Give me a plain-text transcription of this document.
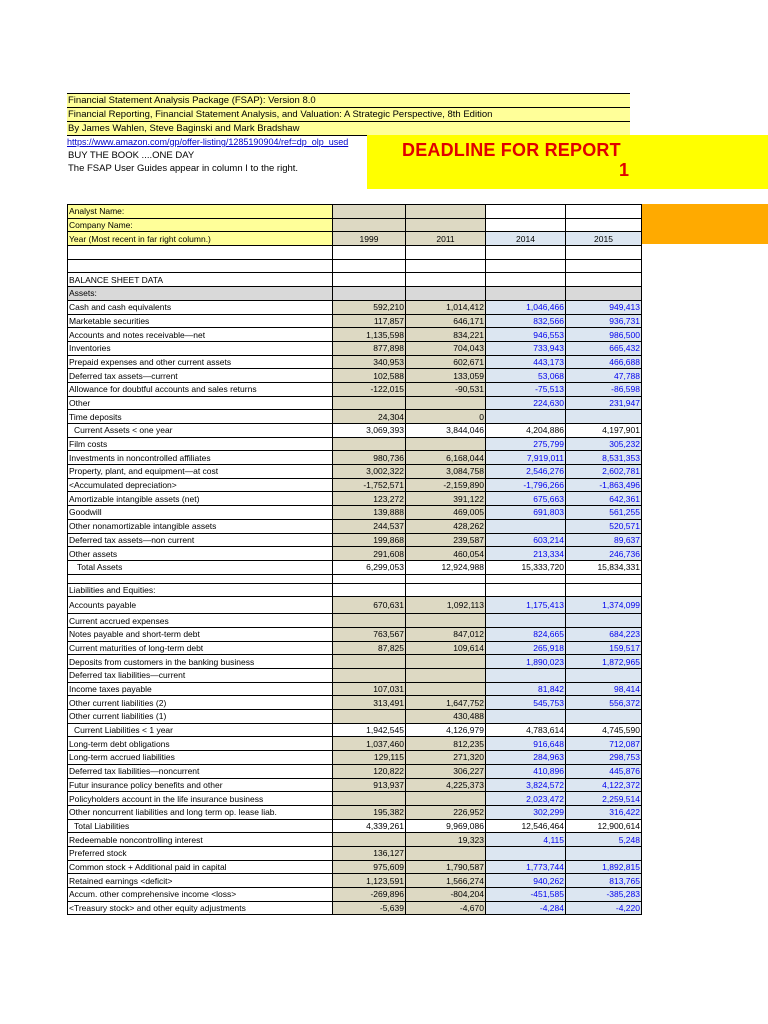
Financial Statement Analysis Package (FSAP): Version 8.0
Financial Reporting, Financial Statement Analysis, and Valuation: A Strategic Perspective, 8th Edition
By James Wahlen, Steve Baginski and Mark Bradshaw
DEADLINE FOR REPORT
1
https://www.amazon.com/gp/offer-listing/1285190904/ref=dp_olp_used
BUY THE BOOK ....ONE DAY
The FSAP User Guides appear in column I to the right.
Analyst Name:				
Company Name:				
Year (Most recent in far right column.)	1999	2011	2014	2015

BALANCE SHEET DATA				
Assets:				
Cash and cash equivalents	592,210	1,014,412	1,046,466	949,413
Marketable securities	117,857	646,171	832,566	936,731
Accounts and notes receivable—net	1,135,598	834,221	946,553	986,500
Inventories	877,898	704,043	733,943	665,432
Prepaid expenses and other current assets	340,953	602,671	443,173	466,688
Deferred tax assets—current	102,588	133,059	53,068	47,788
Allowance for doubtful accounts and sales returns	-122,015	-90,531	-75,513	-86,598
Other			224,630	231,947
Time deposits	24,304	0		
Current Assets < one year	3,069,393	3,844,046	4,204,886	4,197,901
Film costs			275,799	305,232
Investments in noncontrolled affiliates	980,736	6,168,044	7,919,011	8,531,353
Property, plant, and equipment—at cost	3,002,322	3,084,758	2,546,276	2,602,781
<Accumulated depreciation>	-1,752,571	-2,159,890	-1,796,266	-1,863,496
Amortizable intangible assets (net)	123,272	391,122	675,663	642,361
Goodwill	139,888	469,005	691,803	561,255
Other nonamortizable intangible assets	244,537	428,262		520,571
Deferred tax assets—non current	199,868	239,587	603,214	89,637
Other assets	291,608	460,054	213,334	246,736
Total Assets	6,299,053	12,924,988	15,333,720	15,834,331

Liabilities and Equities:				
Accounts payable	670,631	1,092,113	1,175,413	1,374,099
Current accrued expenses				
Notes payable and short-term debt	763,567	847,012	824,665	684,223
Current maturities of long-term debt	87,825	109,614	265,918	159,517
Deposits from customers in the banking business			1,890,023	1,872,965
Deferred tax liabilities—current				
Income taxes payable	107,031		81,842	98,414
Other current liabilities (2)	313,491	1,647,752	545,753	556,372
Other current liabilities (1)		430,488		
Current Liabilities < 1 year	1,942,545	4,126,979	4,783,614	4,745,590
Long-term debt obligations	1,037,460	812,235	916,648	712,087
Long-term accrued liabilities	129,115	271,320	284,963	298,753
Deferred tax liabilities—noncurrent	120,822	306,227	410,896	445,876
Futur insurance policy benefits and other	913,937	4,225,373	3,824,572	4,122,372
Policyholders account in the life insurance business			2,023,472	2,259,514
Other noncurrent liabilities and long term op. lease liab.	195,382	226,952	302,299	316,422
Total Liabilities	4,339,261	9,969,086	12,546,464	12,900,614
Redeemable noncontrolling interest		19,323	4,115	5,248
Preferred stock	136,127			
Common stock + Additional paid in capital	975,609	1,790,587	1,773,744	1,892,815
Retained earnings <deficit>	1,123,591	1,566,274	940,262	813,765
Accum. other comprehensive income <loss>	-269,896	-804,204	-451,585	-385,283
<Treasury stock> and other equity adjustments	-5,639	-4,670	-4,284	-4,220
